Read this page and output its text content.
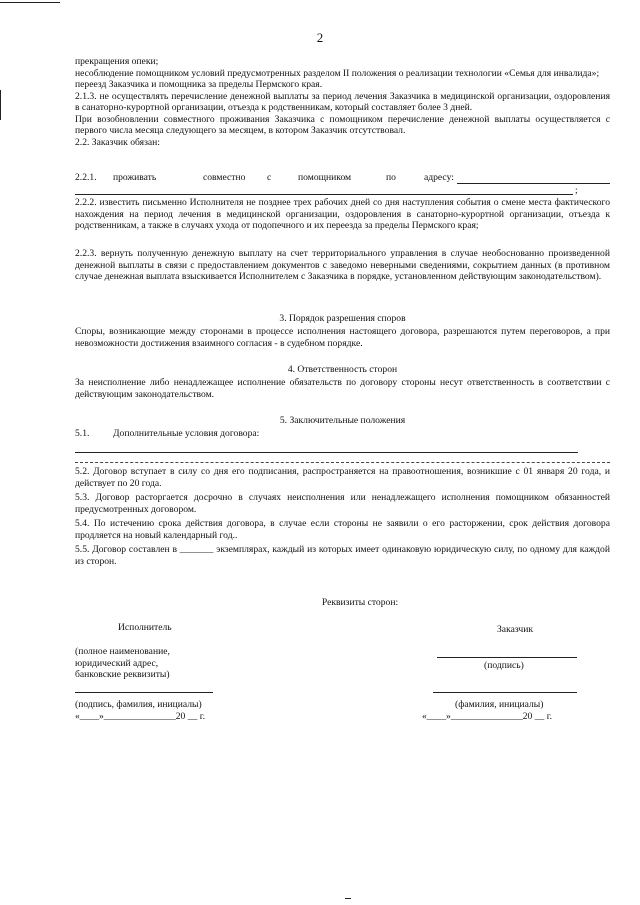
2
прекращения опеки;
несоблюдение помощником условий предусмотренных разделом II положения о реализации технологии «Семья для инвалида»;
переезд Заказчика и помощника за пределы Пермского края.
2.1.3. не осуществлять перечисление денежной выплаты за период лечения Заказчика в медицинской организации, оздоровления в санаторно-курортной организации, отъезда к родственникам, который составляет более 3 дней.
При возобновлении совместного проживания Заказчика с помощником перечисление денежной выплаты осуществляется с первого числа месяца следующего за месяцем, в котором Заказчик отсутствовал.
2.2. Заказчик обязан:
2.2.1. проживать	совместно с	помощником	по	адресу:
;
2.2.2. известить письменно Исполнителя не позднее трех рабочих дней со дня наступления события о смене места фактического нахождения на период лечения в медицинской организации, оздоровления в санаторно-курортной организации, отъезда к родственникам, а также в случаях ухода от подопечного и их переезда за пределы Пермского края;
2.2.3. вернуть полученную денежную выплату на счет территориального управления в случае необоснованно произведенной денежной выплаты в связи с предоставлением документов с заведомо неверными сведениями, сокрытием данных (в противном случае денежная выплата взыскивается Исполнителем с Заказчика в порядке, установленном действующим законодательством).
3. Порядок разрешения споров
Споры, возникающие между сторонами в процессе исполнения настоящего договора, разрешаются путем переговоров, а при невозможности достижения взаимного согласия - в судебном порядке.
4. Ответственность сторон
За неисполнение либо ненадлежащее исполнение обязательств по договору стороны несут ответственность в соответствии с действующим законодательством.
5. Заключительные положения
5.1. Дополнительные условия договора:
5.2. Договор вступает в силу со дня его подписания, распространяется на правоотношения, возникшие с 01 января 20 года, и действует по 20 года.
5.3. Договор расторгается досрочно в случаях неисполнения или ненадлежащего исполнения помощником обязанностей предусмотренных договором.
5.4. По истечению срока действия договора, в случае если стороны не заявили о его расторжении, срок действия договора продляется на новый календарный год..
5.5. Договор составлен в _______ экземплярах, каждый из которых имеет одинаковую юридическую силу, по одному для каждой из сторон.
Реквизиты сторон:
Исполнитель	Заказчик
(полное наименование,
юридический адрес,
банковские реквизиты)
(подпись)
(подпись, фамилия, инициалы)	(фамилия, инициалы)
«____»_______________20 __ г.	«____»_______________20 __ г.
